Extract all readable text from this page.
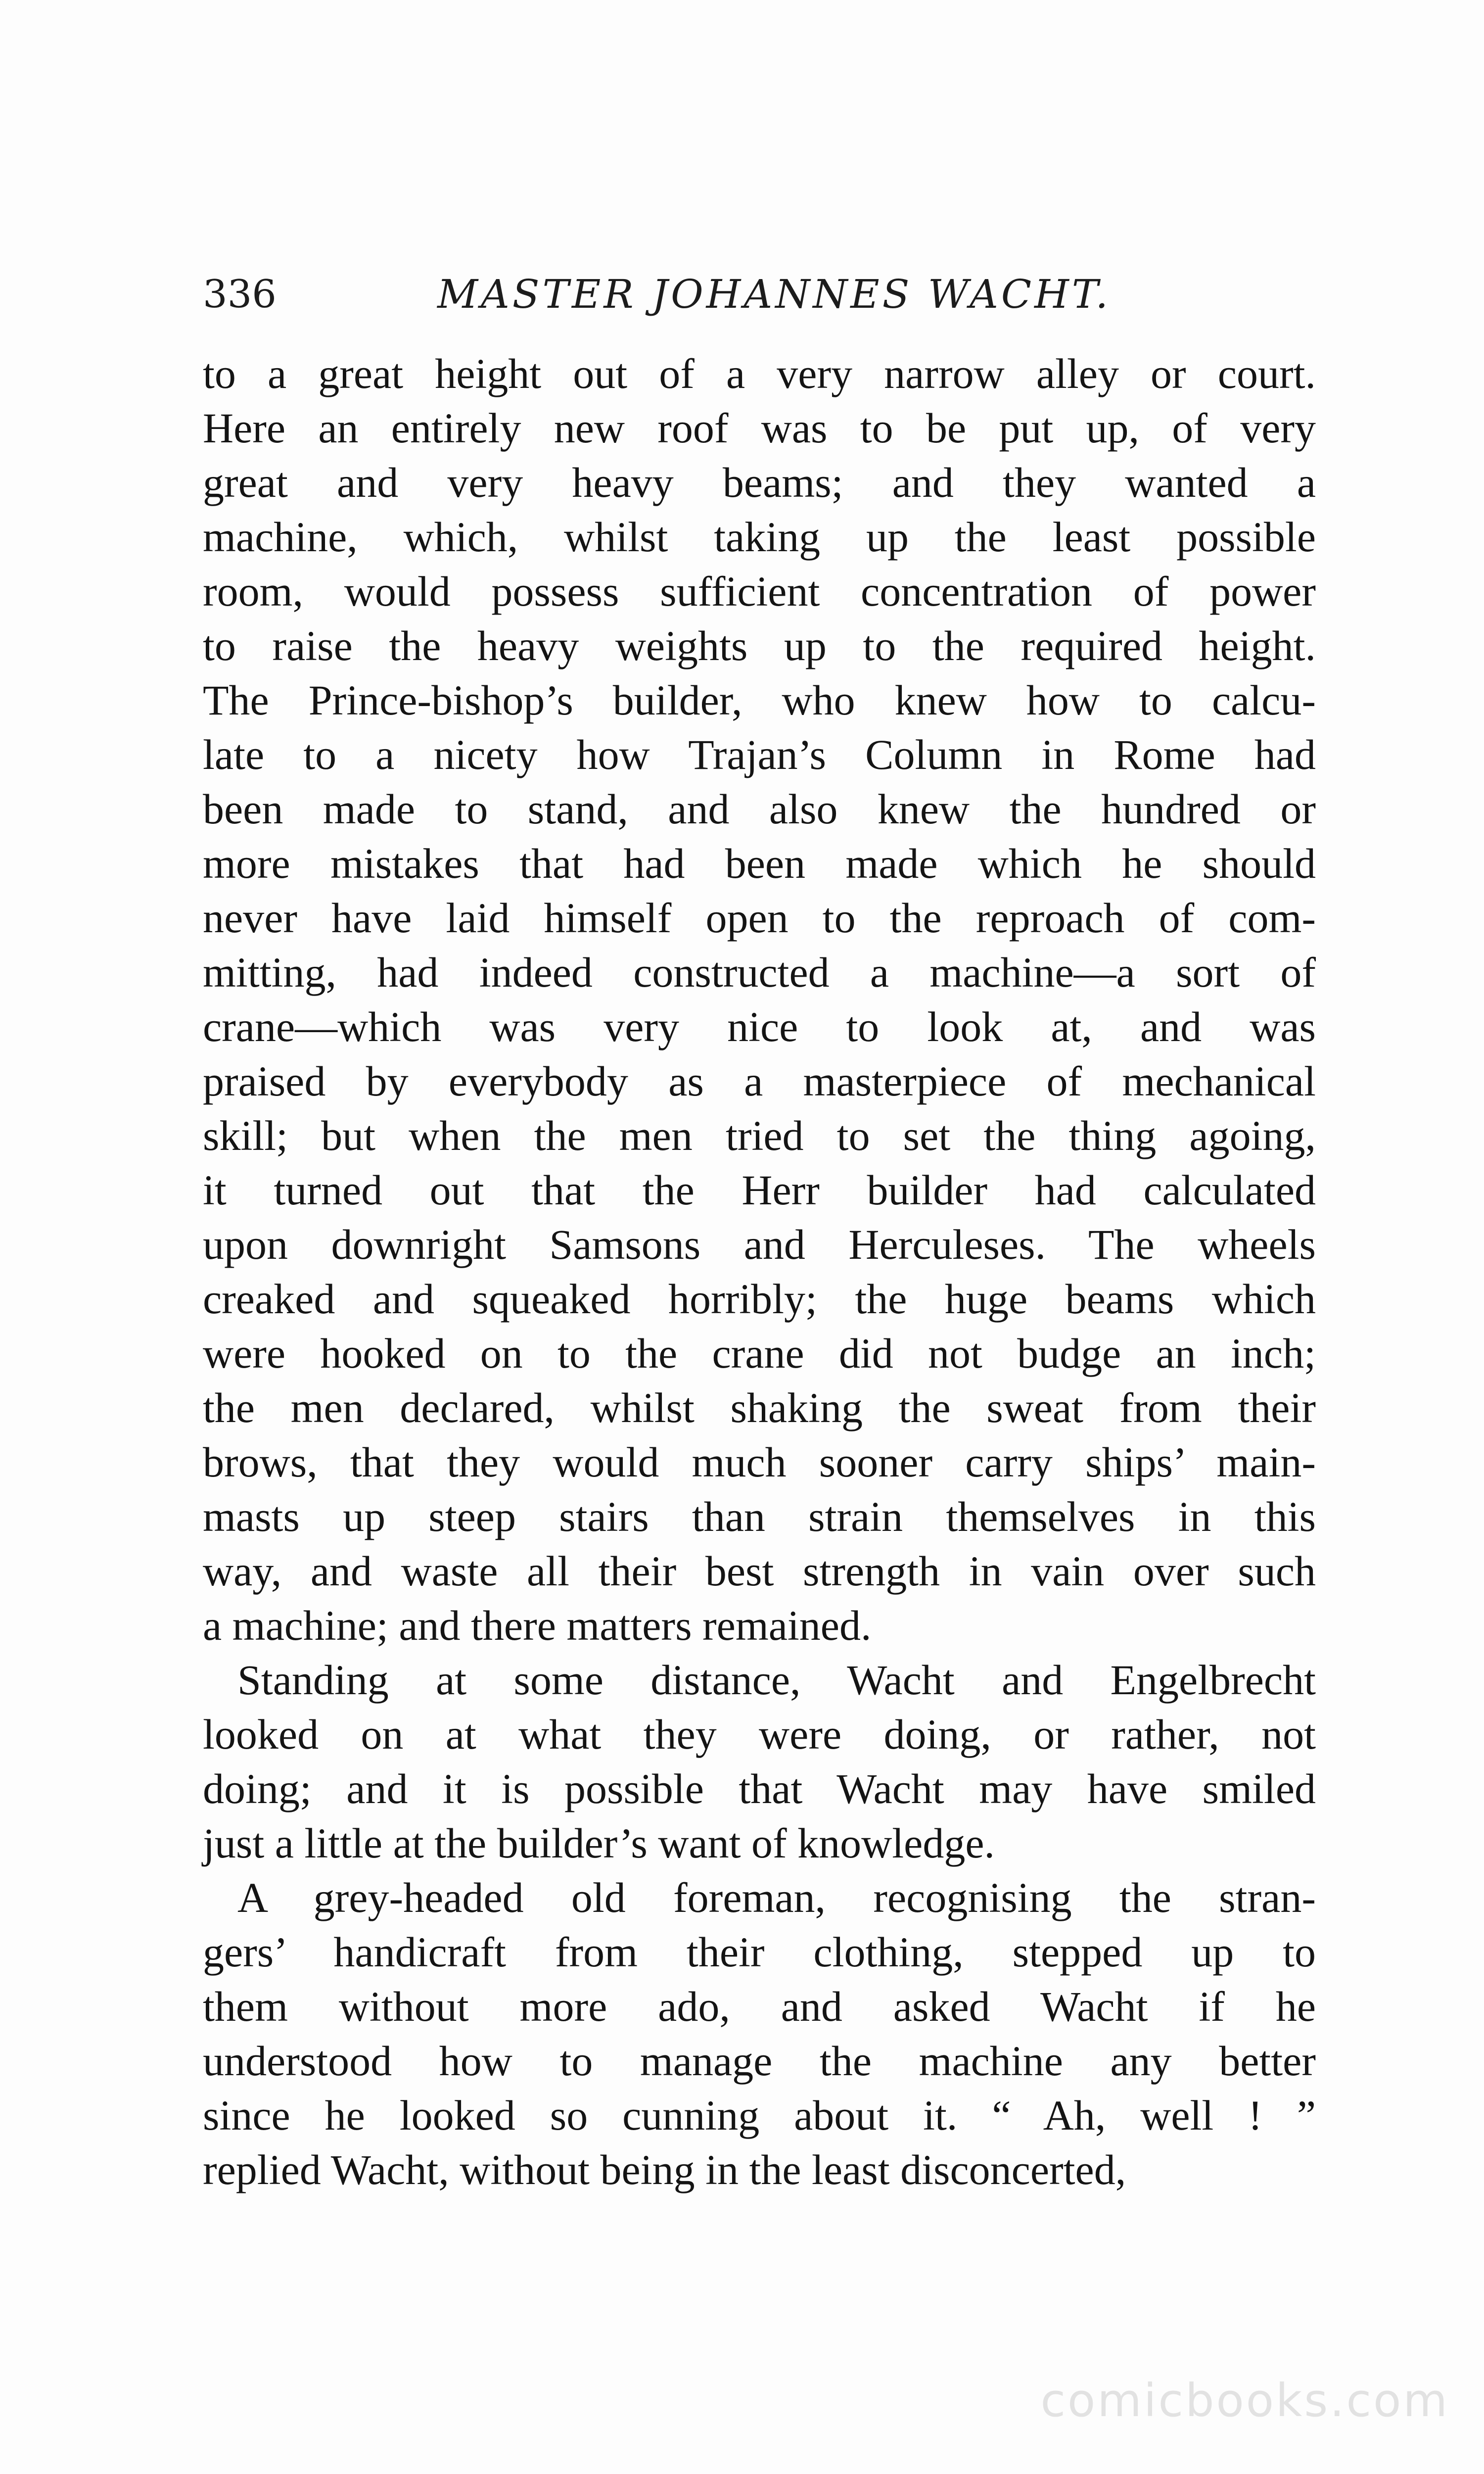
336	MASTER JOHANNES WACHT.
to a great height out of a very narrow alley or court.
Here an entirely new roof was to be put up, of very
great and very heavy beams; and they wanted a
machine, which, whilst taking up the least possible
room, would possess sufficient concentration of power
to raise the heavy weights up to the required height.
The Prince-bishop’s builder, who knew how to calcu-
late to a nicety how Trajan’s Column in Rome had
been made to stand, and also knew the hundred or
more mistakes that had been made which he should
never have laid himself open to the reproach of com-
mitting, had indeed constructed a machine—a sort of
crane—which was very nice to look at, and was
praised by everybody as a masterpiece of mechanical
skill; but when the men tried to set the thing agoing,
it turned out that the Herr builder had calculated
upon downright Samsons and Herculeses. The wheels
creaked and squeaked horribly; the huge beams which
were hooked on to the crane did not budge an inch;
the men declared, whilst shaking the sweat from their
brows, that they would much sooner carry ships’ main-
masts up steep stairs than strain themselves in this
way, and waste all their best strength in vain over such
a machine; and there matters remained.
Standing at some distance, Wacht and Engelbrecht
looked on at what they were doing, or rather, not
doing; and it is possible that Wacht may have smiled
just a little at the builder’s want of knowledge.
A grey-headed old foreman, recognising the stran-
gers’ handicraft from their clothing, stepped up to
them without more ado, and asked Wacht if he
understood how to manage the machine any better
since he looked so cunning about it. “ Ah, well ! ”
replied Wacht, without being in the least disconcerted,
comicbooks.com
